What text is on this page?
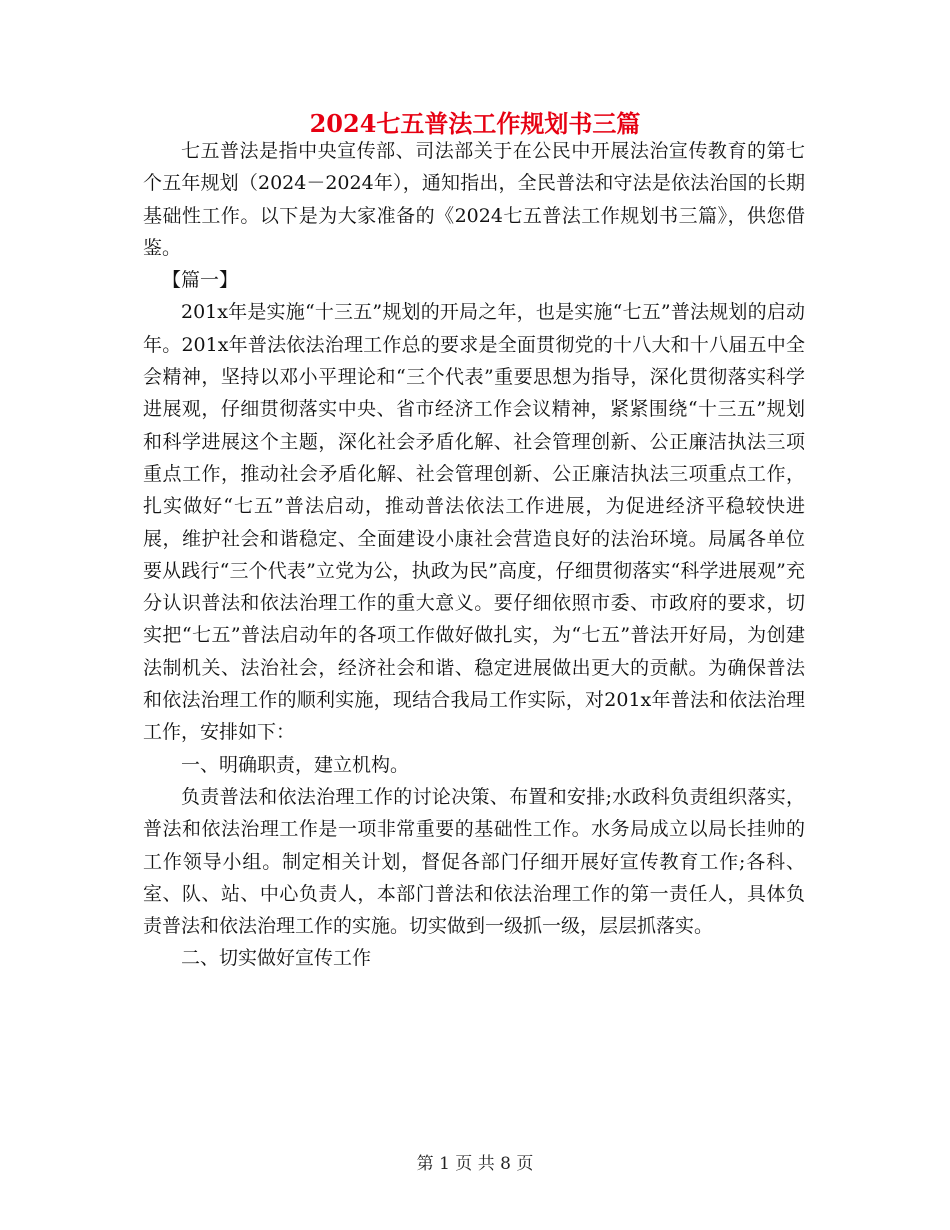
2024七五普法工作规划书三篇

七五普法是指中央宣传部、司法部关于在公民中开展法治宣传教育的第七个五年规划（2024－2024年），通知指出，全民普法和守法是依法治国的长期基础性工作。以下是为大家准备的《2024七五普法工作规划书三篇》，供您借鉴。

【篇一】

201x年是实施“十三五”规划的开局之年，也是实施“七五”普法规划的启动年。201x年普法依法治理工作总的要求是全面贯彻党的十八大和十八届五中全会精神，坚持以邓小平理论和“三个代表”重要思想为指导，深化贯彻落实科学进展观，仔细贯彻落实中央、省市经济工作会议精神，紧紧围绕“十三五”规划和科学进展这个主题，深化社会矛盾化解、社会管理创新、公正廉洁执法三项重点工作，推动社会矛盾化解、社会管理创新、公正廉洁执法三项重点工作，扎实做好“七五”普法启动，推动普法依法工作进展，为促进经济平稳较快进展，维护社会和谐稳定、全面建设小康社会营造良好的法治环境。局属各单位要从践行“三个代表”立党为公，执政为民”高度，仔细贯彻落实“科学进展观”充分认识普法和依法治理工作的重大意义。要仔细依照市委、市政府的要求，切实把“七五”普法启动年的各项工作做好做扎实，为“七五”普法开好局，为创建法制机关、法治社会，经济社会和谐、稳定进展做出更大的贡献。为确保普法和依法治理工作的顺利实施，现结合我局工作实际，对201x年普法和依法治理工作，安排如下：

一、明确职责，建立机构。

负责普法和依法治理工作的讨论决策、布置和安排;水政科负责组织落实，普法和依法治理工作是一项非常重要的基础性工作。水务局成立以局长挂帅的工作领导小组。制定相关计划，督促各部门仔细开展好宣传教育工作;各科、室、队、站、中心负责人，本部门普法和依法治理工作的第一责任人，具体负责普法和依法治理工作的实施。切实做到一级抓一级，层层抓落实。

二、切实做好宣传工作

第 1 页 共 8 页
